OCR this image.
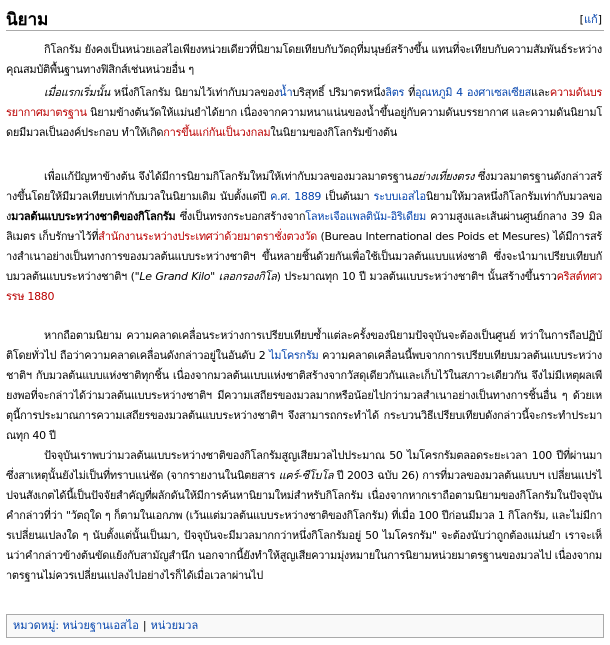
นิยาม	[แก้]

กิโลกรัม ยังคงเป็นหน่วยเอสไอเพียงหน่วยเดียวที่นิยามโดยเทียบกับวัตถุที่มนุษย์สร้างขึ้น แทนที่จะเทียบกับความสัมพันธ์ระหว่างคุณสมบัติพื้นฐานทางฟิสิกส์เช่นหน่วยอื่น ๆ

เมื่อแรกเริ่มนั้น หนึ่งกิโลกรัม นิยามไว้เท่ากับมวลของน้ำบริสุทธิ์ ปริมาตรหนึ่งลิตร ที่อุณหภูมิ 4 องศาเซลเซียสและความดันบรรยากาศมาตรฐาน นิยามข้างต้นวัดให้แม่นยำได้ยาก เนื่องจากความหนาแน่นของน้ำขึ้นอยู่กับความดันบรรยากาศ และความดันนิยามโดยมีมวลเป็นองค์ประกอบ ทำให้เกิดการขึ้นแก่กันเป็นวงกลมในนิยามของกิโลกรัมข้างต้น

เพื่อแก้ปัญหาข้างต้น จึงได้มีการนิยามกิโลกรัมใหม่ให้เท่ากับมวลของมวลมาตรฐานอย่างเที่ยงตรง ซึ่งมวลมาตรฐานดังกล่าวสร้างขึ้นโดยให้มีมวลเทียบเท่ากับมวลในนิยามเดิม นับตั้งแต่ปี ค.ศ. 1889 เป็นต้นมา ระบบเอสไอนิยามให้มวลหนึ่งกิโลกรัมเท่ากับมวลของมวลต้นแบบระหว่างชาติของกิโลกรัม ซึ่งเป็นทรงกระบอกสร้างจากโลหะเจือแพลตินัม-อิริเดียม ความสูงและเส้นผ่านศูนย์กลาง 39 มิลลิเมตร เก็บรักษาไว้ที่สำนักงานระหว่างประเทศว่าด้วยมาตราชั่งตวงวัด (Bureau International des Poids et Mesures) ได้มีการสร้างสำเนาอย่างเป็นทางการของมวลต้นแบบระหว่างชาติฯ ขึ้นหลายชิ้นด้วยกันเพื่อใช้เป็นมวลต้นแบบแห่งชาติ ซึ่งจะนำมาเปรียบเทียบกับมวลต้นแบบระหว่างชาติฯ ("Le Grand Kilo" เลอกรองกิโล) ประมาณทุก 10 ปี มวลต้นแบบระหว่างชาติฯ นั้นสร้างขึ้นราวคริสต์ทศวรรษ 1880

หากถือตามนิยาม ความคลาดเคลื่อนระหว่างการเปรียบเทียบซ้ำแต่ละครั้งของนิยามปัจจุบันจะต้องเป็นศูนย์ ทว่าในการถือปฏิบัติโดยทั่วไป ถือว่าความคลาดเคลื่อนดังกล่าวอยู่ในอันดับ 2 ไมโครกรัม ความคลาดเคลื่อนนี้พบจากการเปรียบเทียบมวลต้นแบบระหว่างชาติฯ กับมวลต้นแบบแห่งชาติทุกชิ้น เนื่องจากมวลต้นแบบแห่งชาติสร้างจากวัสดุเดียวกันและเก็บไว้ในสภาวะเดียวกัน จึงไม่มีเหตุผลเพียงพอที่จะกล่าวได้ว่ามวลต้นแบบระหว่างชาติฯ มีความเสถียรของมวลมากหรือน้อยไปกว่ามวลสำเนาอย่างเป็นทางการชิ้นอื่น ๆ ด้วยเหตุนี้การประมาณการความเสถียรของมวลต้นแบบระหว่างชาติฯ จึงสามารถกระทำได้ กระบวนวิธีเปรียบเทียบดังกล่าวนี้จะกระทำประมาณทุก 40 ปี

ปัจจุบันเราพบว่ามวลต้นแบบระหว่างชาติของกิโลกรัมสูญเสียมวลไปประมาณ 50 ไมโครกรัมตลอดระยะเวลา 100 ปีที่ผ่านมา ซึ่งสาเหตุนั้นยังไม่เป็นที่ทราบแน่ชัด (จากรายงานในนิตยสาร แคร์-ซีโบโล ปี 2003 ฉบับ 26) การที่มวลของมวลต้นแบบฯ เปลี่ยนแปรไปจนสังเกตได้นี้เป็นปัจจัยสำคัญที่ผลักดันให้มีการค้นหานิยามใหม่สำหรับกิโลกรัม เนื่องจากหากเราถือตามนิยามของกิโลกรัมในปัจจุบัน คำกล่าวที่ว่า "วัตถุใด ๆ ก็ตามในเอกภพ (เว้นแต่มวลต้นแบบระหว่างชาติของกิโลกรัม) ที่เมื่อ 100 ปีก่อนมีมวล 1 กิโลกรัม, และไม่มีการเปลี่ยนแปลงใด ๆ นับตั้งแต่นั้นเป็นมา, ปัจจุบันจะมีมวลมากกว่าหนึ่งกิโลกรัมอยู่ 50 ไมโครกรัม" จะต้องนับว่าถูกต้องแม่นยำ เราจะเห็นว่าคำกล่าวข้างต้นขัดแย้งกับสามัญสำนึก นอกจากนี้ยังทำให้สูญเสียความมุ่งหมายในการนิยามหน่วยมาตรฐานของมวลไป เนื่องจากมาตรฐานไม่ควรเปลี่ยนแปลงไปอย่างไรก็ได้เมื่อเวลาผ่านไป

หมวดหมู่: หน่วยฐานเอสไอ | หน่วยมวล
